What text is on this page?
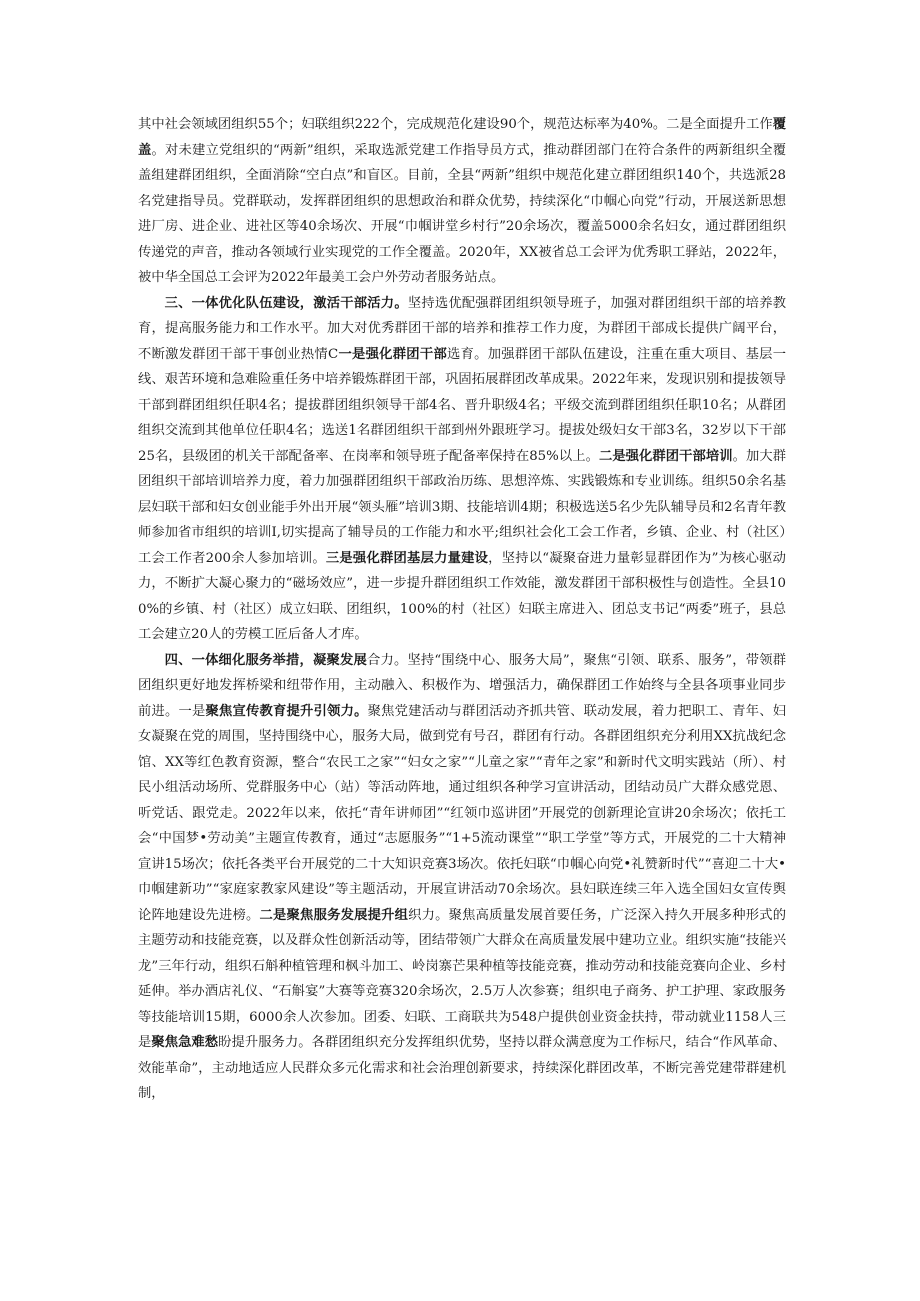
其中社会领域团组织55个；妇联组织222个，完成规范化建设90个，规范达标率为40%。二是全面提升工作覆盖。对未建立党组织的“两新”组织，采取选派党建工作指导员方式，推动群团部门在符合条件的两新组织全覆盖组建群团组织，全面消除“空白点”和盲区。目前，全县“两新”组织中规范化建立群团组织140个，共选派28名党建指导员。党群联动，发挥群团组织的思想政治和群众优势，持续深化“巾帼心向党”行动，开展送新思想进厂房、进企业、进社区等40余场次、开展“巾帼讲堂乡村行”20余场次，覆盖5000余名妇女，通过群团组织传递党的声音，推动各领域行业实现党的工作全覆盖。2020年，XX被省总工会评为优秀职工驿站，2022年，被中华全国总工会评为2022年最美工会户外劳动者服务站点。

三、一体优化队伍建设，激活干部活力。坚持选优配强群团组织领导班子，加强对群团组织干部的培养教育，提高服务能力和工作水平。加大对优秀群团干部的培养和推荐工作力度，为群团干部成长提供广阔平台，不断激发群团干部干事创业热情C一是强化群团干部选育。加强群团干部队伍建设，注重在重大项目、基层一线、艰苦环境和急难险重任务中培养锻炼群团干部，巩固拓展群团改革成果。2022年来，发现识别和提拔领导干部到群团组织任职4名；提拔群团组织领导干部4名、晋升职级4名；平级交流到群团组织任职10名；从群团组织交流到其他单位任职4名；选送1名群团组织干部到州外跟班学习。提拔处级妇女干部3名，32岁以下干部25名，县级团的机关干部配备率、在岗率和领导班子配备率保持在85%以上。二是强化群团干部培训。加大群团组织干部培训培养力度，着力加强群团组织干部政治历练、思想淬炼、实践锻炼和专业训练。组织50余名基层妇联干部和妇女创业能手外出开展“领头雁”培训3期、技能培训4期；积极选送5名少先队辅导员和2名青年教师参加省市组织的培训I,切实提高了辅导员的工作能力和水平;组织社会化工会工作者，乡镇、企业、村（社区）工会工作者200余人参加培训。三是强化群团基层力量建设，坚持以“凝聚奋进力量彰显群团作为”为核心驱动力，不断扩大凝心聚力的“磁场效应”，进一步提升群团组织工作效能，激发群团干部积极性与创造性。全县100%的乡镇、村（社区）成立妇联、团组织，100%的村（社区）妇联主席进入、团总支书记“两委”班子，县总工会建立20人的劳模工匠后备人才库。

四、一体细化服务举措，凝聚发展合力。坚持“围绕中心、服务大局”，聚焦“引领、联系、服务”，带领群团组织更好地发挥桥梁和纽带作用，主动融入、积极作为、增强活力，确保群团工作始终与全县各项事业同步前进。一是聚焦宣传教育提升引领力。聚焦党建活动与群团活动齐抓共管、联动发展，着力把职工、青年、妇女凝聚在党的周围，坚持围绕中心，服务大局，做到党有号召，群团有行动。各群团组织充分利用XX抗战纪念馆、XX等红色教育资源，整合“农民工之家”“妇女之家”“儿童之家”“青年之家”和新时代文明实践站（所）、村民小组活动场所、党群服务中心（站）等活动阵地，通过组织各种学习宣讲活动，团结动员广大群众感党恩、听党话、跟党走。2022年以来，依托“青年讲师团”“红领巾巡讲团”开展党的创新理论宣讲20余场次；依托工会“中国梦•劳动美”主题宣传教育，通过“志愿服务”“1+5流动课堂”“职工学堂”等方式，开展党的二十大精神宣讲15场次；依托各类平台开展党的二十大知识竞赛3场次。依托妇联“巾帼心向党•礼赞新时代”“喜迎二十大•巾帼建新功”“家庭家教家风建设”等主题活动，开展宣讲活动70余场次。县妇联连续三年入选全国妇女宣传舆论阵地建设先进榜。二是聚焦服务发展提升组织力。聚焦高质量发展首要任务，广泛深入持久开展多种形式的主题劳动和技能竞赛，以及群众性创新活动等，团结带领广大群众在高质量发展中建功立业。组织实施“技能兴龙”三年行动，组织石斛种植管理和枫斗加工、岭岗寨芒果种植等技能竞赛，推动劳动和技能竞赛向企业、乡村延伸。举办酒店礼仪、“石斛宴”大赛等竞赛320余场次，2.5万人次参赛；组织电子商务、护工护理、家政服务等技能培训15期，6000余人次参加。团委、妇联、工商联共为548户提供创业资金扶持，带动就业1158人三是聚焦急难愁盼提升服务力。各群团组织充分发挥组织优势，坚持以群众满意度为工作标尺，结合“作风革命、效能革命”，主动地适应人民群众多元化需求和社会治理创新要求，持续深化群团改革，不断完善党建带群建机制，
